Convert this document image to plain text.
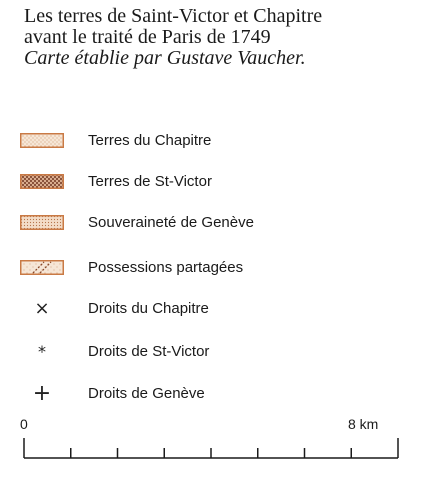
Les terres de Saint-Victor et Chapitre
avant le traité de Paris de 1749
Carte établie par Gustave Vaucher.
Terres du Chapitre
Terres de St-Victor
Souveraineté de Genève
Possessions partagées
×	Droits du Chapitre
*	Droits de St-Victor
+	Droits de Genève
0	8 km
